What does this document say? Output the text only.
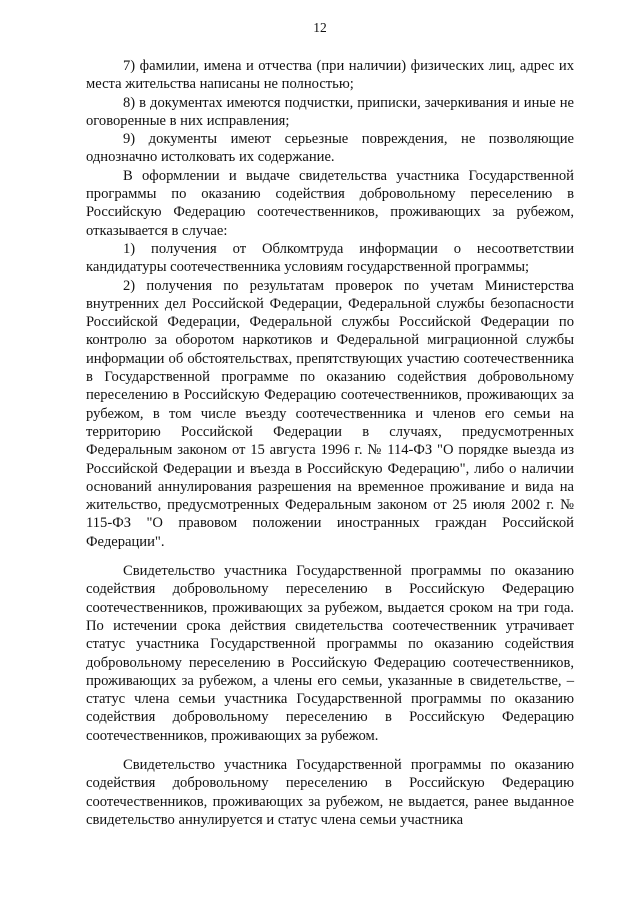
12

7) фамилии, имена и отчества (при наличии) физических лиц, адрес их места жительства написаны не полностью;

8) в документах имеются подчистки, приписки, зачеркивания и иные не оговоренные в них исправления;

9) документы имеют серьезные повреждения, не позволяющие однозначно истолковать их содержание.

В оформлении и выдаче свидетельства участника Государственной программы по оказанию содействия добровольному переселению в Российскую Федерацию соотечественников, проживающих за рубежом, отказывается в случае:

1) получения от Облкомтруда информации о несоответствии кандидатуры соотечественника условиям государственной программы;

2) получения по результатам проверок по учетам Министерства внутренних дел Российской Федерации, Федеральной службы безопасности Российской Федерации, Федеральной службы Российской Федерации по контролю за оборотом наркотиков и Федеральной миграционной службы информации об обстоятельствах, препятствующих участию соотечественника в Государственной программе по оказанию содействия добровольному переселению в Российскую Федерацию соотечественников, проживающих за рубежом, в том числе въезду соотечественника и членов его семьи на территорию Российской Федерации в случаях, предусмотренных Федеральным законом от 15 августа 1996 г. № 114-ФЗ "О порядке выезда из Российской Федерации и въезда в Российскую Федерацию", либо о наличии оснований аннулирования разрешения на временное проживание и вида на жительство, предусмотренных Федеральным законом от 25 июля 2002 г. № 115-ФЗ "О правовом положении иностранных граждан Российской Федерации".

Свидетельство участника Государственной программы по оказанию содействия добровольному переселению в Российскую Федерацию соотечественников, проживающих за рубежом, выдается сроком на три года. По истечении срока действия свидетельства соотечественник утрачивает статус участника Государственной программы по оказанию содействия добровольному переселению в Российскую Федерацию соотечественников, проживающих за рубежом, а члены его семьи, указанные в свидетельстве, – статус члена семьи участника Государственной программы по оказанию содействия добровольному переселению в Российскую Федерацию соотечественников, проживающих за рубежом.

Свидетельство участника Государственной программы по оказанию содействия добровольному переселению в Российскую Федерацию соотечественников, проживающих за рубежом, не выдается, ранее выданное свидетельство аннулируется и статус члена семьи участника
